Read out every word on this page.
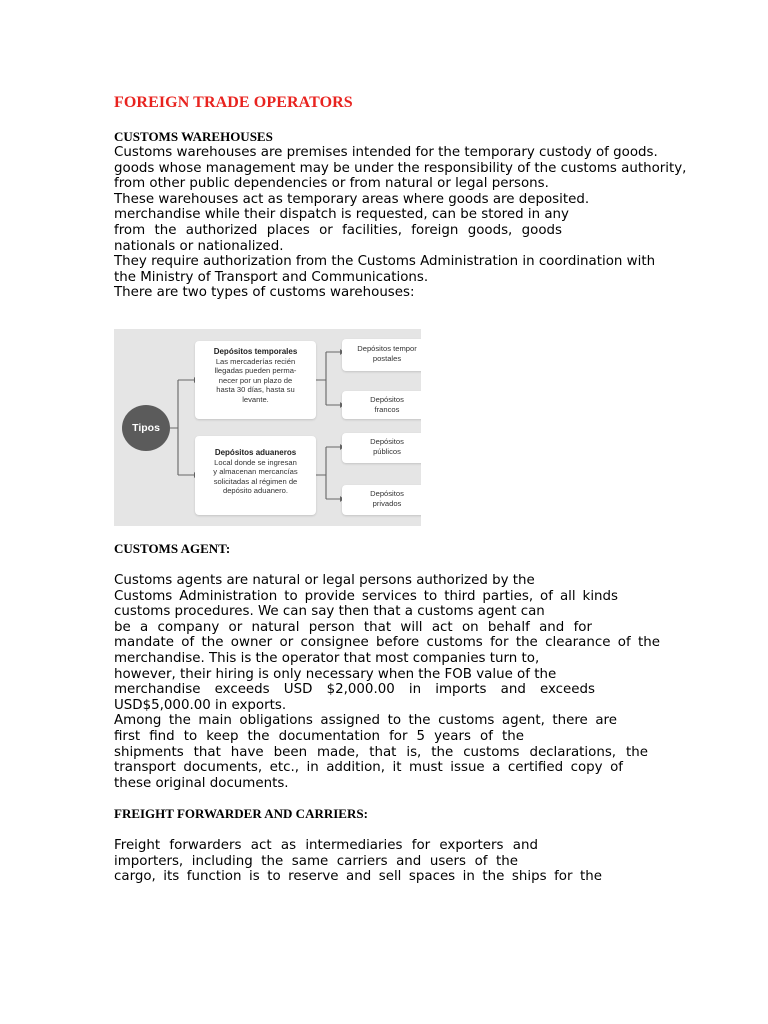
FOREIGN TRADE OPERATORS
CUSTOMS WAREHOUSES
Customs warehouses are premises intended for the temporary custody of goods.
goods whose management may be under the responsibility of the customs authority,
from other public dependencies or from natural or legal persons.
These warehouses act as temporary areas where goods are deposited.
merchandise while their dispatch is requested, can be stored in any
from the authorized places or facilities, foreign goods, goods
nationals or nationalized.
They require authorization from the Customs Administration in coordination with
the Ministry of Transport and Communications.
There are two types of customs warehouses:
Tipos
Depósitos temporales
Las mercaderías recién
llegadas pueden perma-
necer por un plazo de
hasta 30 días, hasta su
levante.
Depósitos aduaneros
Local donde se ingresan
y almacenan mercancías
solicitadas al régimen de
depósito aduanero.
Depósitos tempor
postales
Depósitos
francos
Depósitos
públicos
Depósitos
privados
CUSTOMS AGENT:
Customs agents are natural or legal persons authorized by the
Customs Administration to provide services to third parties, of all kinds
customs procedures. We can say then that a customs agent can
be a company or natural person that will act on behalf and for
mandate of the owner or consignee before customs for the clearance of the
merchandise. This is the operator that most companies turn to,
however, their hiring is only necessary when the FOB value of the
merchandise exceeds USD $2,000.00 in imports and exceeds
USD$5,000.00 in exports.
Among the main obligations assigned to the customs agent, there are
first find to keep the documentation for 5 years of the
shipments that have been made, that is, the customs declarations, the
transport documents, etc., in addition, it must issue a certified copy of
these original documents.
FREIGHT FORWARDER AND CARRIERS:
Freight forwarders act as intermediaries for exporters and
importers, including the same carriers and users of the
cargo, its function is to reserve and sell spaces in the ships for the
